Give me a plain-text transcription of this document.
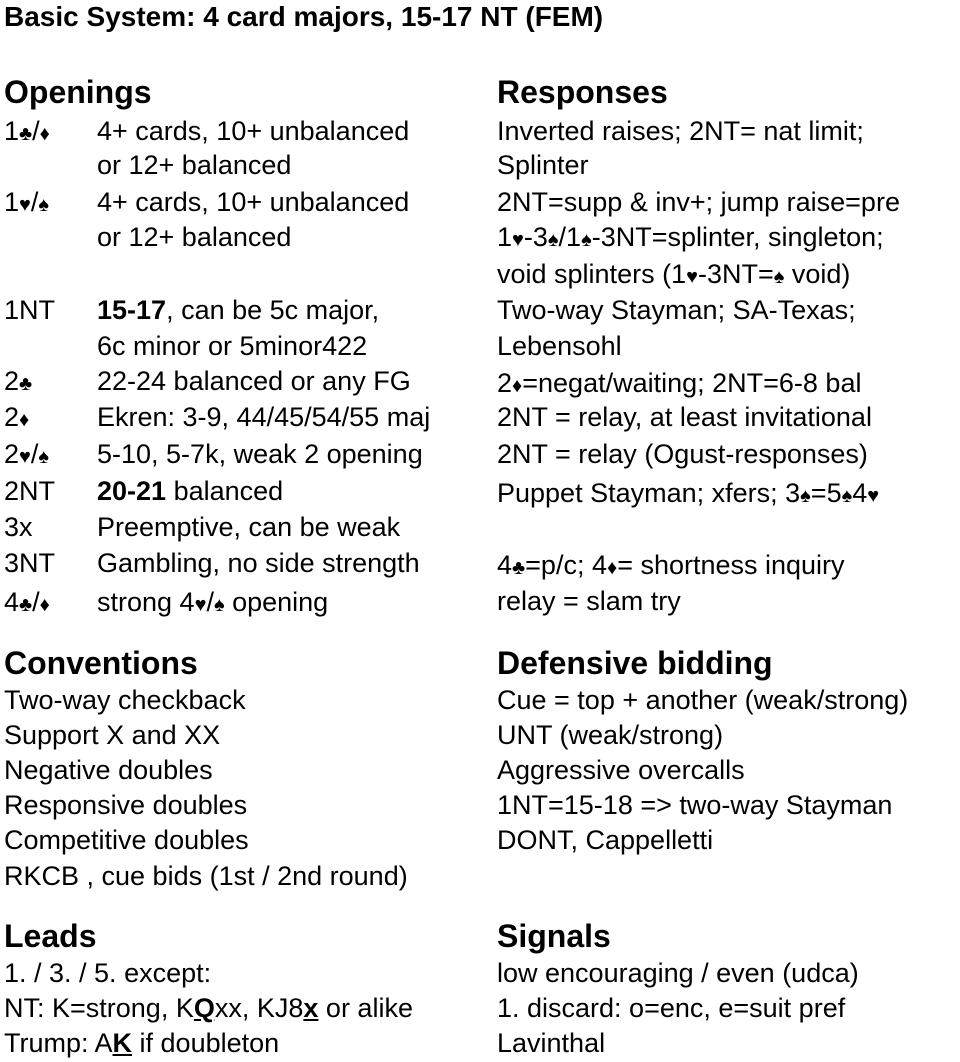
Basic System: 4 card majors, 15-17 NT (FEM)
Openings
1♣/♦ 4+ cards, 10+ unbalanced
or 12+ balanced
1♥/♠ 4+ cards, 10+ unbalanced
or 12+ balanced
1NT 15-17, can be 5c major,
6c minor or 5minor422
2♣ 22-24 balanced or any FG
2♦	Ekren: 3-9, 44/45/54/55 maj
2♥/♠ 5-10, 5-7k, weak 2 opening
2NT 20-21 balanced
3x Preemptive, can be weak
3NT Gambling, no side strength
4♣/♦ strong 4♥/♠ opening
Responses
Inverted raises; 2NT= nat limit;
Splinter
2NT=supp & inv+; jump raise=pre
1♥-3♠/1♠-3NT=splinter, singleton;
void splinters (1♥-3NT=♠ void)
Two-way Stayman; SA-Texas;
Lebensohl
2♦=negat/waiting; 2NT=6-8 bal
2NT = relay, at least invitational
2NT = relay (Ogust-responses)
Puppet Stayman; xfers; 3♠=5♠4♥
4♣=p/c; 4♦= shortness inquiry
relay = slam try
Conventions
Two-way checkback
Support X and XX
Negative doubles
Responsive doubles
Competitive doubles
RKCB , cue bids (1st / 2nd round)
Defensive bidding
Cue = top + another (weak/strong)
UNT (weak/strong)
Aggressive overcalls
1NT=15-18 => two-way Stayman
DONT, Cappelletti
Leads
1. / 3. / 5. except:
NT: K=strong, KQxx, KJ8x or alike
Trump: AK if doubleton
Signals
low encouraging / even (udca)
1. discard: o=enc, e=suit pref
Lavinthal
